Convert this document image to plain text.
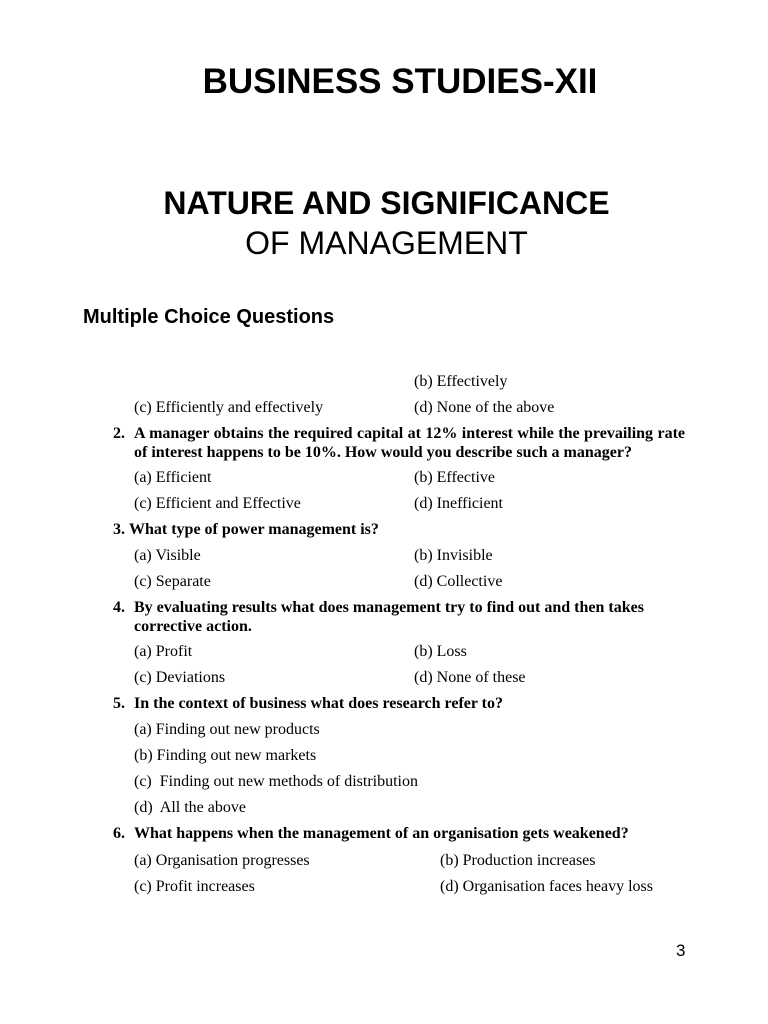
BUSINESS STUDIES-XII
NATURE AND SIGNIFICANCE
OF MANAGEMENT
Multiple Choice Questions
(b) Effectively
(c) Efficiently and effectively	(d) None of the above
2. A manager obtains the required capital at 12% interest while the prevailing rate of interest happens to be 10%. How would you describe such a manager?
(a) Efficient	(b) Effective
(c) Efficient and Effective	(d) Inefficient
3. What type of power management is?
(a) Visible	(b) Invisible
(c) Separate	(d) Collective
4. By evaluating results what does management try to find out and then takes corrective action.
(a) Profit	(b) Loss
(c) Deviations	(d) None of these
5. In the context of business what does research refer to?
(a) Finding out new products
(b) Finding out new markets
(c)  Finding out new methods of distribution
(d)  All the above
6. What happens when the management of an organisation gets weakened?
(a) Organisation progresses	(b) Production increases
(c) Profit increases	(d) Organisation faces heavy loss
3
